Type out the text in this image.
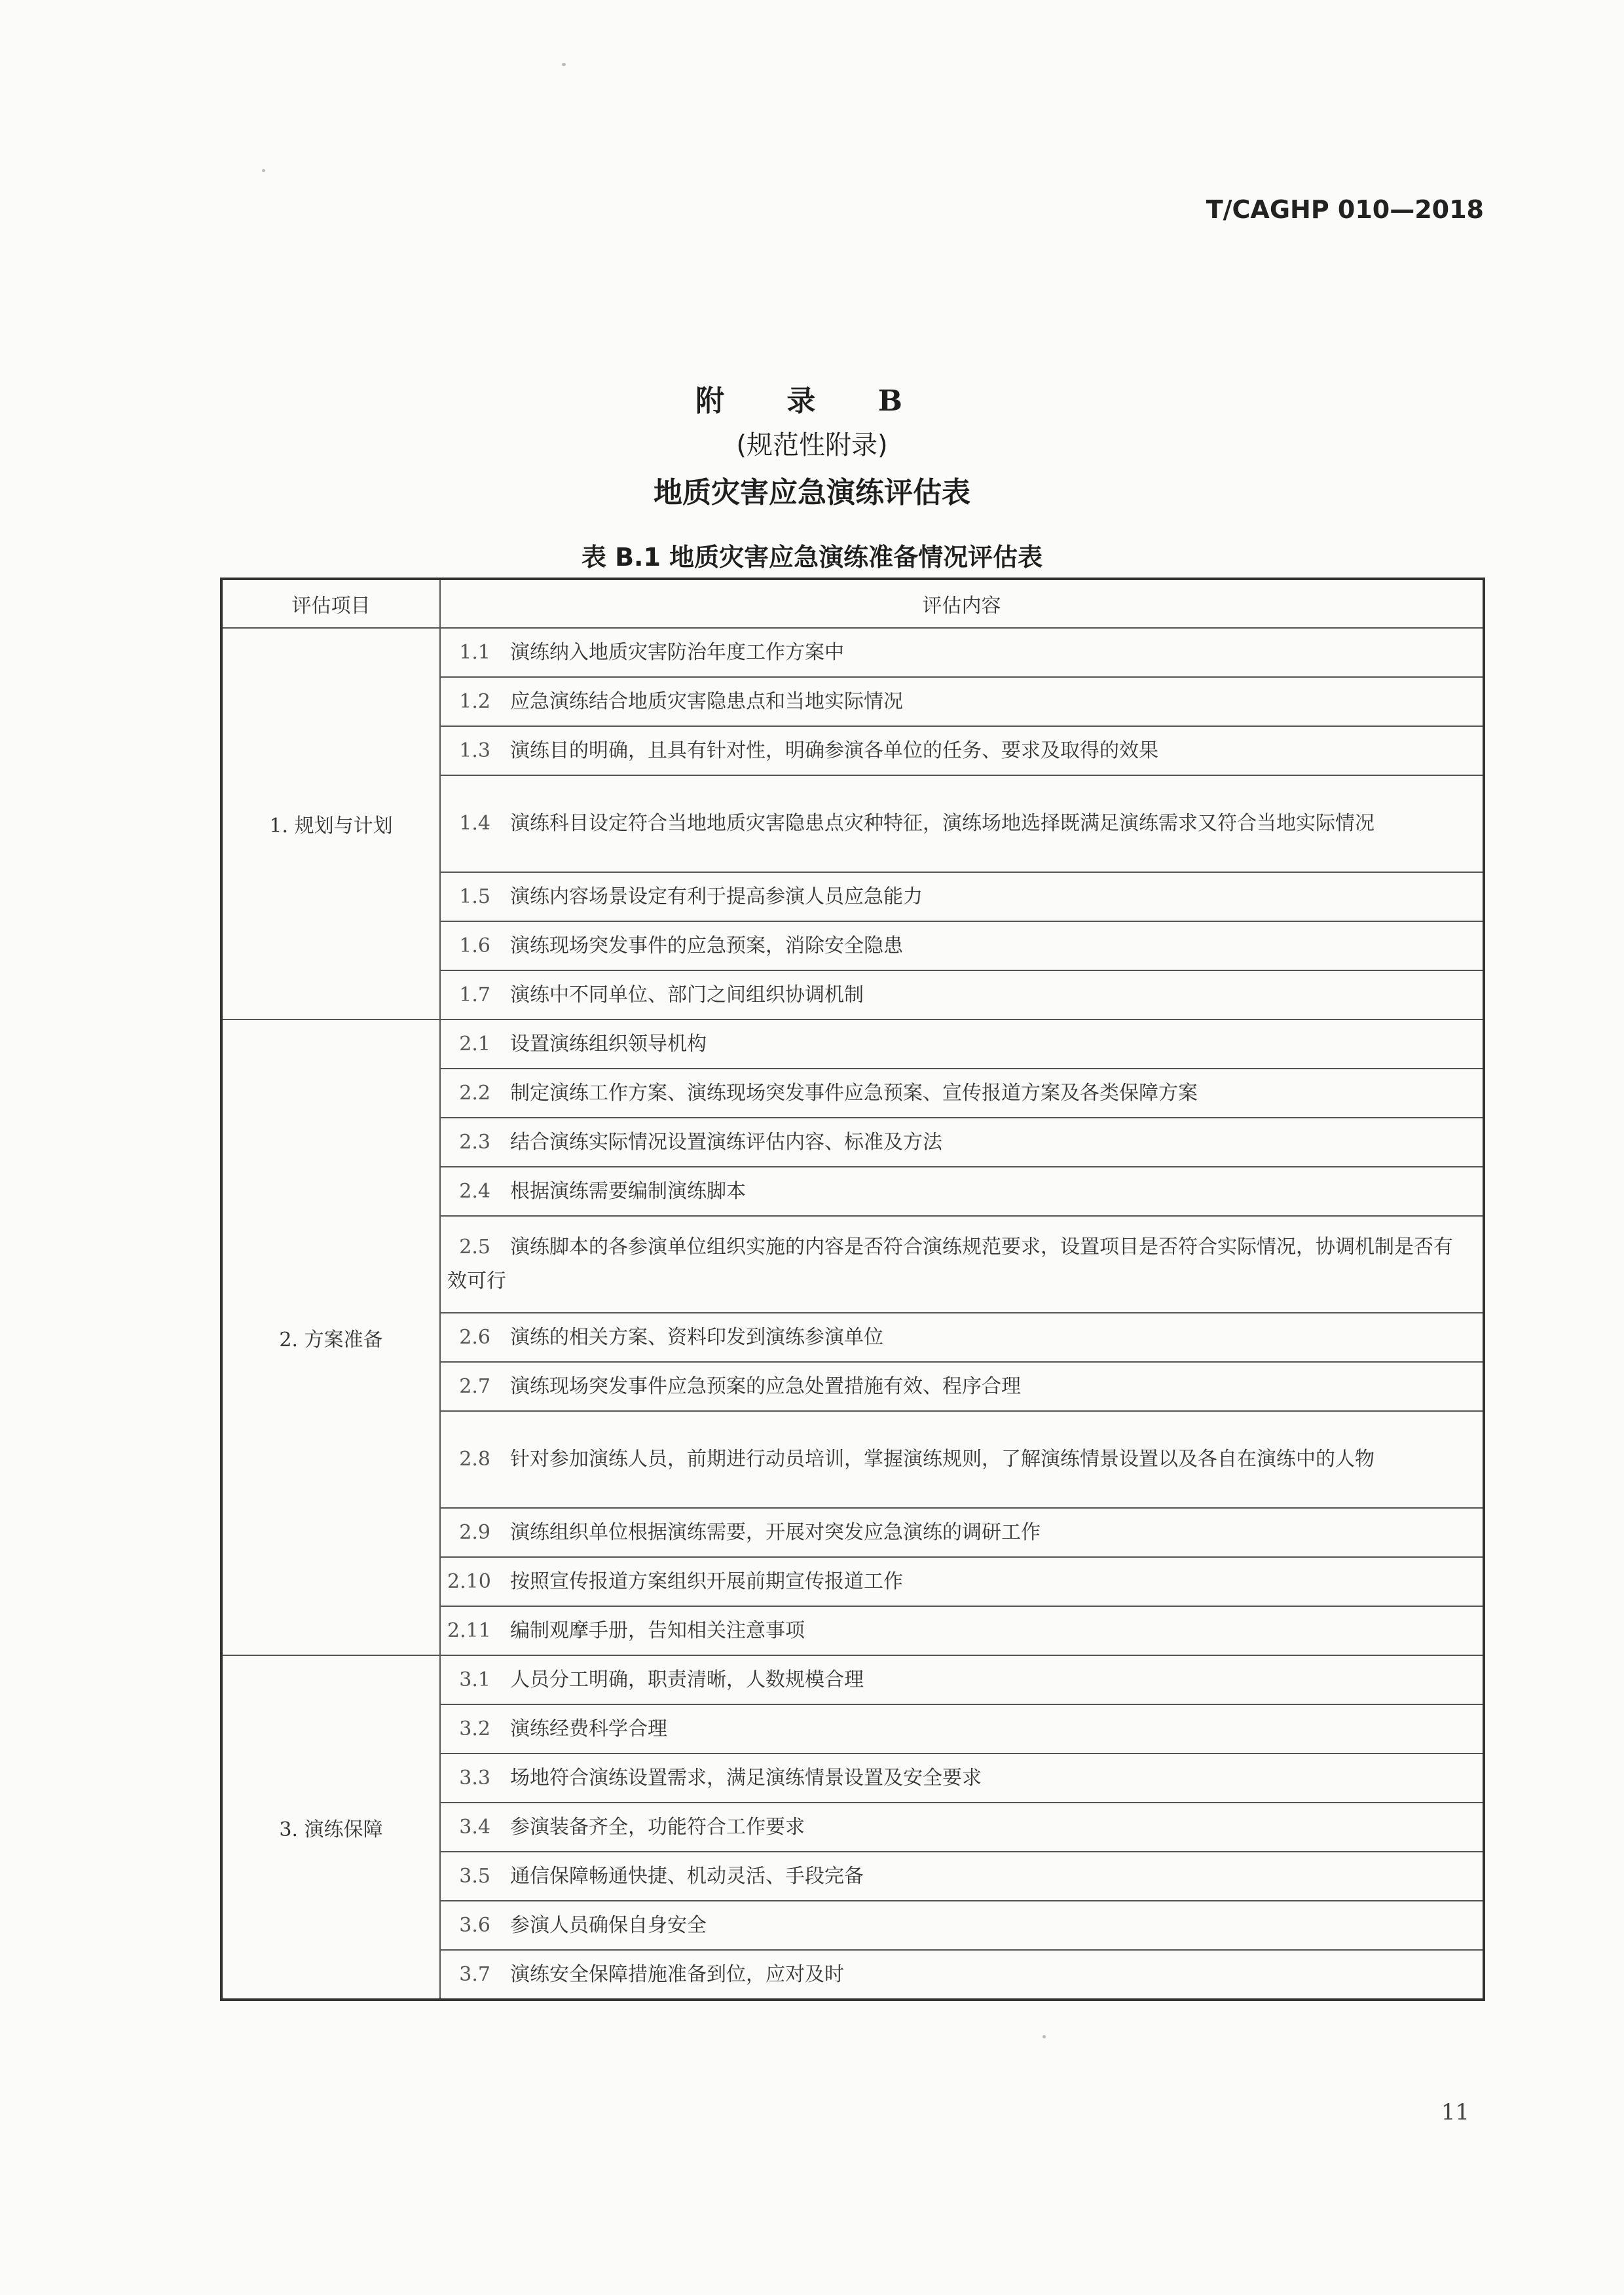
T/CAGHP 010—2018
附 录 B
(规范性附录)
地质灾害应急演练评估表
表 B.1 地质灾害应急演练准备情况评估表
评估项目	评估内容
1. 规划与计划	1.1 演练纳入地质灾害防治年度工作方案中
	1.2 应急演练结合地质灾害隐患点和当地实际情况
	1.3 演练目的明确，且具有针对性，明确参演各单位的任务、要求及取得的效果
	1.4 演练科目设定符合当地地质灾害隐患点灾种特征，演练场地选择既满足演练需求又符合当地实际情况
	1.5 演练内容场景设定有利于提高参演人员应急能力
	1.6 演练现场突发事件的应急预案，消除安全隐患
	1.7 演练中不同单位、部门之间组织协调机制
2. 方案准备	2.1 设置演练组织领导机构
	2.2 制定演练工作方案、演练现场突发事件应急预案、宣传报道方案及各类保障方案
	2.3 结合演练实际情况设置演练评估内容、标准及方法
	2.4 根据演练需要编制演练脚本
	2.5 演练脚本的各参演单位组织实施的内容是否符合演练规范要求，设置项目是否符合实际情况，协调机制是否有效可行
	2.6 演练的相关方案、资料印发到演练参演单位
	2.7 演练现场突发事件应急预案的应急处置措施有效、程序合理
	2.8 针对参加演练人员，前期进行动员培训，掌握演练规则，了解演练情景设置以及各自在演练中的人物
	2.9 演练组织单位根据演练需要，开展对突发应急演练的调研工作
	2.10 按照宣传报道方案组织开展前期宣传报道工作
	2.11 编制观摩手册，告知相关注意事项
3. 演练保障	3.1 人员分工明确，职责清晰，人数规模合理
	3.2 演练经费科学合理
	3.3 场地符合演练设置需求，满足演练情景设置及安全要求
	3.4 参演装备齐全，功能符合工作要求
	3.5 通信保障畅通快捷、机动灵活、手段完备
	3.6 参演人员确保自身安全
	3.7 演练安全保障措施准备到位，应对及时
11
